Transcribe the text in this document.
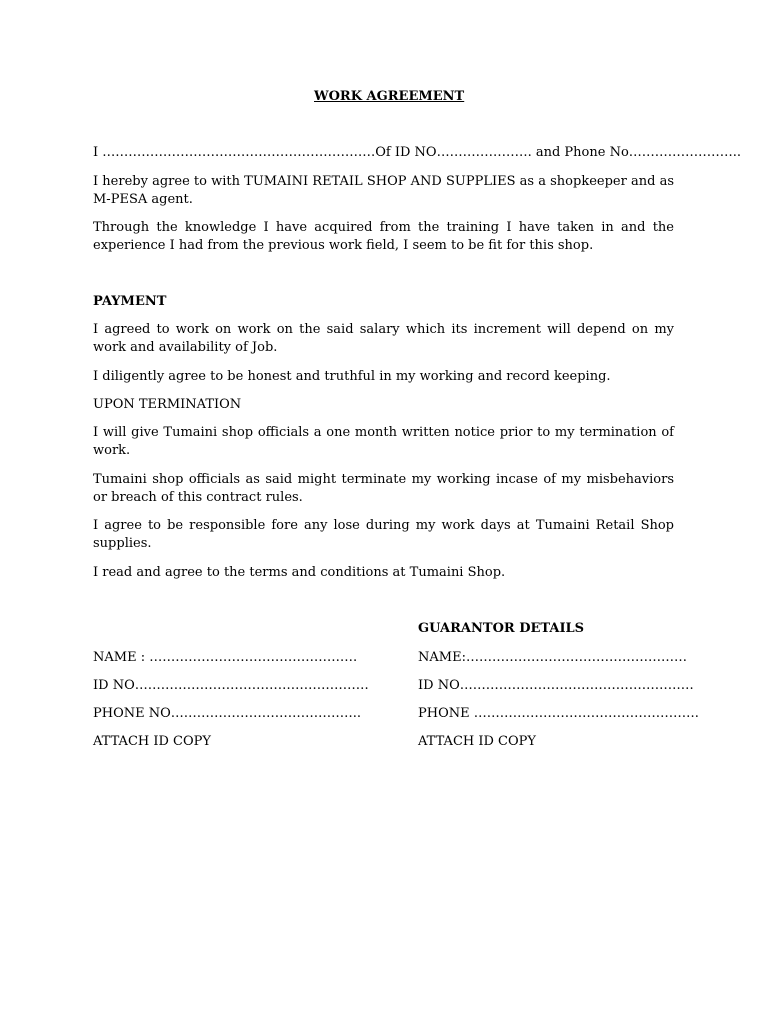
WORK AGREEMENT

I ………………………………………………………Of ID NO…………………. and Phone No……………………..

I hereby agree to with TUMAINI RETAIL SHOP AND SUPPLIES as a shopkeeper and as M-PESA agent.

Through the knowledge I have acquired from the training I have taken in and the experience I had from the previous work field, I seem to be fit for this shop.

PAYMENT

I agreed to work on work on the said salary which its increment will depend on my work and availability of Job.

I diligently agree to be honest and truthful in my working and record keeping.

UPON TERMINATION

I will give Tumaini shop officials a one month written notice prior to my termination of work.

Tumaini shop officials as said might terminate my working incase of my misbehaviors or breach of this contract rules.

I agree to be responsible fore any lose during my work days at Tumaini Retail Shop supplies.

I read and agree to the terms and conditions at Tumaini Shop.

GUARANTOR DETAILS

NAME : …………………………………………	NAME:……………………………………………

ID NO………………………………………………	ID NO………………………………………………

PHONE NO……………………………………..	PHONE …………………………………………….

ATTACH ID COPY	ATTACH ID COPY
